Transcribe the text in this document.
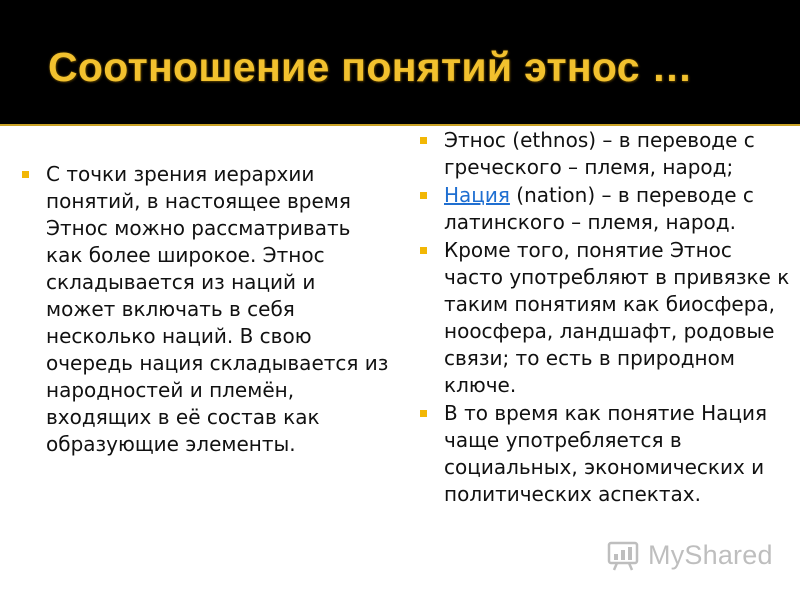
Соотношение понятий этнос …
С точки зрения иерархии понятий, в настоящее время Этнос можно рассматривать как более широкое. Этнос складывается из наций и может включать в себя несколько наций. В свою очередь нация складывается из народностей и племён, входящих в её состав как образующие элементы.
Этнос (ethnos) – в переводе с греческого – племя, народ;
Нация (nation) – в переводе с латинского – племя, народ.
Кроме того, понятие Этнос часто употребляют в привязке к таким понятиям как биосфера, ноосфера, ландшафт, родовые связи; то есть в природном ключе.
В то время как понятие Нация чаще употребляется в социальных, экономических и политических аспектах.
MyShared
